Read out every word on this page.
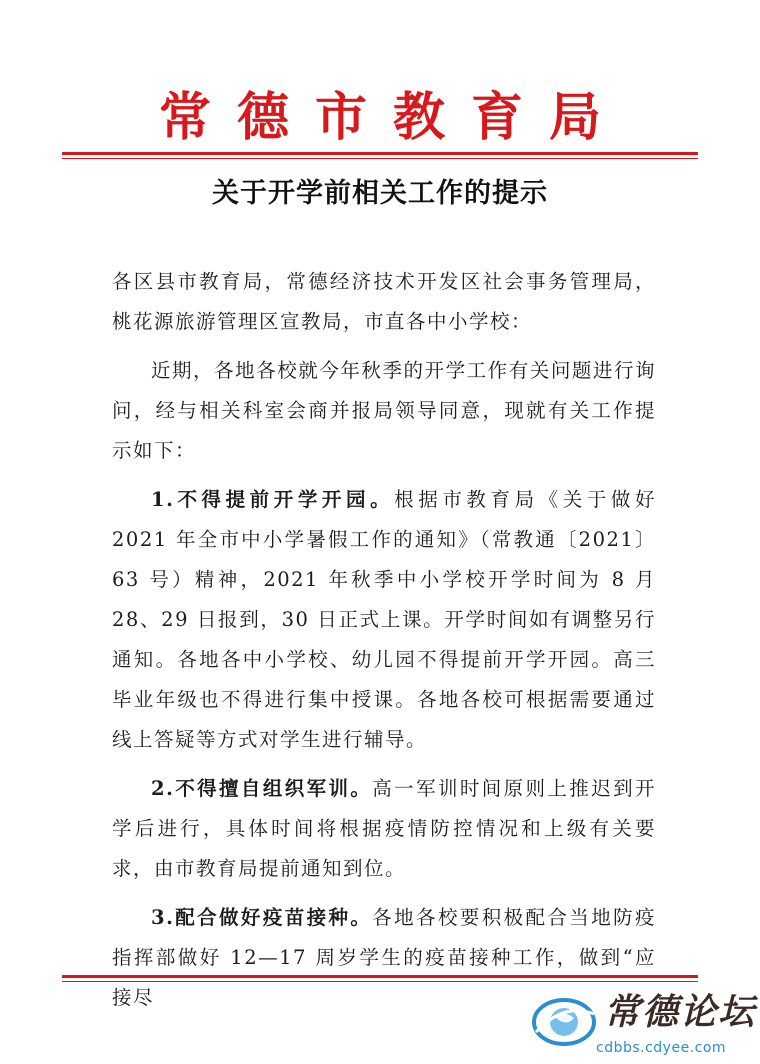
常德市教育局
关于开学前相关工作的提示

各区县市教育局，常德经济技术开发区社会事务管理局，桃花源旅游管理区宣教局，市直各中小学校：

近期，各地各校就今年秋季的开学工作有关问题进行询问，经与相关科室会商并报局领导同意，现就有关工作提示如下：

1.不得提前开学开园。根据市教育局《关于做好 2021 年全市中小学暑假工作的通知》（常教通〔2021〕63 号）精神，2021 年秋季中小学校开学时间为 8 月 28、29 日报到，30 日正式上课。开学时间如有调整另行通知。各地各中小学校、幼儿园不得提前开学开园。高三毕业年级也不得进行集中授课。各地各校可根据需要通过线上答疑等方式对学生进行辅导。

2.不得擅自组织军训。高一军训时间原则上推迟到开学后进行，具体时间将根据疫情防控情况和上级有关要求，由市教育局提前通知到位。

3.配合做好疫苗接种。各地各校要积极配合当地防疫指挥部做好 12—17 周岁学生的疫苗接种工作，做到“应接尽	常德论坛
cdbbs.cdyee.com
